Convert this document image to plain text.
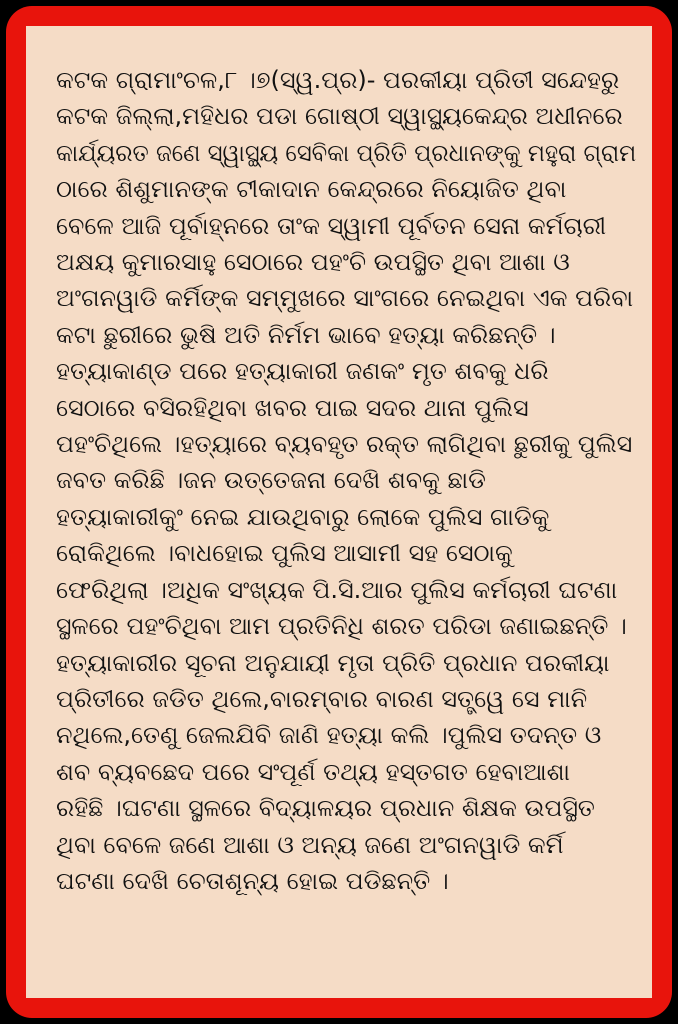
କଟକ ଗ୍ରାମାଂଚଳ,୮ ।୭(ସ୍ୱ.ପ୍ର)- ପରକୀୟା ପ୍ରିତୀ ସନ୍ଦେହରୁ
କଟକ ଜିଲ୍ଲା,ମହିଧର ପଡା ଗୋଷ୍ଠୀ ସ୍ୱାସ୍ଥ୍ୟକେନ୍ଦ୍ର ଅଧୀନରେ
କାର୍ଯ୍ୟରତ ଜଣେ ସ୍ୱାସ୍ଥ୍ୟ ସେବିକା ପ୍ରିତି ପ୍ରଧାନଙ୍କୁ ମହୁରା ଗ୍ରାମ
ଠାରେ ଶିଶୁମାନଙ୍କ ଟୀକାଦାନ କେନ୍ଦ୍ରରେ ନିୟୋଜିତ ଥିବା
ବେଳେ ଆଜି ପୂର୍ବାହ୍ନରେ ତାଂକ ସ୍ୱାମୀ ପୂର୍ବତନ ସେନା କର୍ମଚାରୀ
ଅକ୍ଷୟ କୁମାରସାହୁ ସେଠାରେ ପହଂଚି ଉପସ୍ଥିତ ଥିବା ଆଶା ଓ
ଅଂଗନୱାଡି କର୍ମିଙ୍କ ସମ୍ମୁଖରେ ସାଂଗରେ ନେଇଥିବା ଏକ ପରିବା
କଟା ଛୁରୀରେ ଭୁଷି ଅତି ନିର୍ମମ ଭାବେ ହତ୍ୟା କରିଛନ୍ତି ।
ହତ୍ୟାକାଣ୍ଡ ପରେ ହତ୍ୟାକାରୀ ଜଣକଂ ମୃତ ଶବକୁ ଧରି
ସେଠାରେ ବସିରହିଥିବା ଖବର ପାଇ ସଦର ଥାନା ପୁଲିସ
ପହଂଚିଥିଲେ ।ହତ୍ୟାରେ ବ୍ୟବହୃତ ରକ୍ତ ଲାଗିଥିବା ଛୁରୀକୁ ପୁଲିସ
ଜବତ କରିଛି ।ଜନ ଉତ୍ତେଜନା ଦେଖି ଶବକୁ ଛାଡି
ହତ୍ୟାକାରୀକୁଂ ନେଇ ଯାଉଥିବାରୁ ଲୋକେ ପୁଲିସ ଗାଡିକୁ
ରୋକିଥିଲେ ।ବାଧହୋଇ ପୁଲିସ ଆସାମୀ ସହ ସେଠାକୁ
ଫେରିଥିଲା ।ଅଧିକ ସଂଖ୍ୟକ ପି.ସି.ଆର ପୁଲିସ କର୍ମଚାରୀ ଘଟଣା
ସ୍ଥଳରେ ପହଂଚିଥିବା ଆମ ପ୍ରତିନିଧି ଶରତ ପରିଡା ଜଣାଇଛନ୍ତି ।
ହତ୍ୟାକାରୀର ସୂଚନା ଅନୁଯାୟୀ ମୃତା ପ୍ରିତି ପ୍ରଧାନ ପରକୀୟା
ପ୍ରିତୀରେ ଜଡିତ ଥିଲେ,ବାରମ୍ବାର ବାରଣ ସତ୍ତ୍ୱେ ସେ ମାନି
ନଥିଲେ,ତେଣୁ ଜେଲଯିବି ଜାଣି ହତ୍ୟା କଲି ।ପୁଲିସ ତଦନ୍ତ ଓ
ଶବ ବ୍ୟବଛେଦ ପରେ ସଂପୂର୍ଣ ତଥ୍ୟ ହସ୍ତଗତ ହେବାଆଶା
ରହିଛି ।ଘଟଣା ସ୍ଥଳରେ ବିଦ୍ୟାଳୟର ପ୍ରଧାନ ଶିକ୍ଷକ ଉପସ୍ଥିତ
ଥିବା ବେଳେ ଜଣେ ଆଶା ଓ ଅନ୍ୟ ଜଣେ ଅଂଗନୱାଡି କର୍ମି
ଘଟଣା ଦେଖି ଚେତାଶୂନ୍ୟ ହୋଇ ପଡିଛନ୍ତି ।
